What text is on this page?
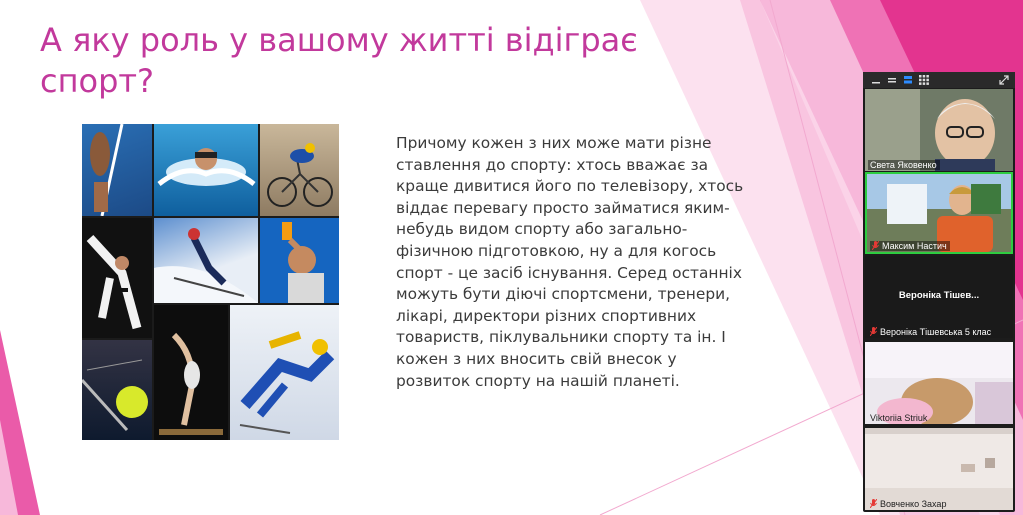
А яку роль у вашому житті відіграє
спорт?
Причому кожен з них може мати різне
ставлення до спорту: хтось вважає за
краще дивитися його по телевізору, хтось
віддає перевагу просто займатися яким-
небудь видом спорту або загально-
фізичною підготовкою, ну а для когось
спорт - це засіб існування. Серед останніх
можуть бути діючі спортсмени, тренери,
лікарі, директори різних спортивних
товариств, піклувальники спорту та ін. І
кожен з них вносить свій внесок у
розвиток спорту на нашій планеті.
Света Яковенко
Максим Настич
Вероніка Тішев...
Вероніка Тішевська 5 клас
Viktoriia Striuk
Вовченко Захар
